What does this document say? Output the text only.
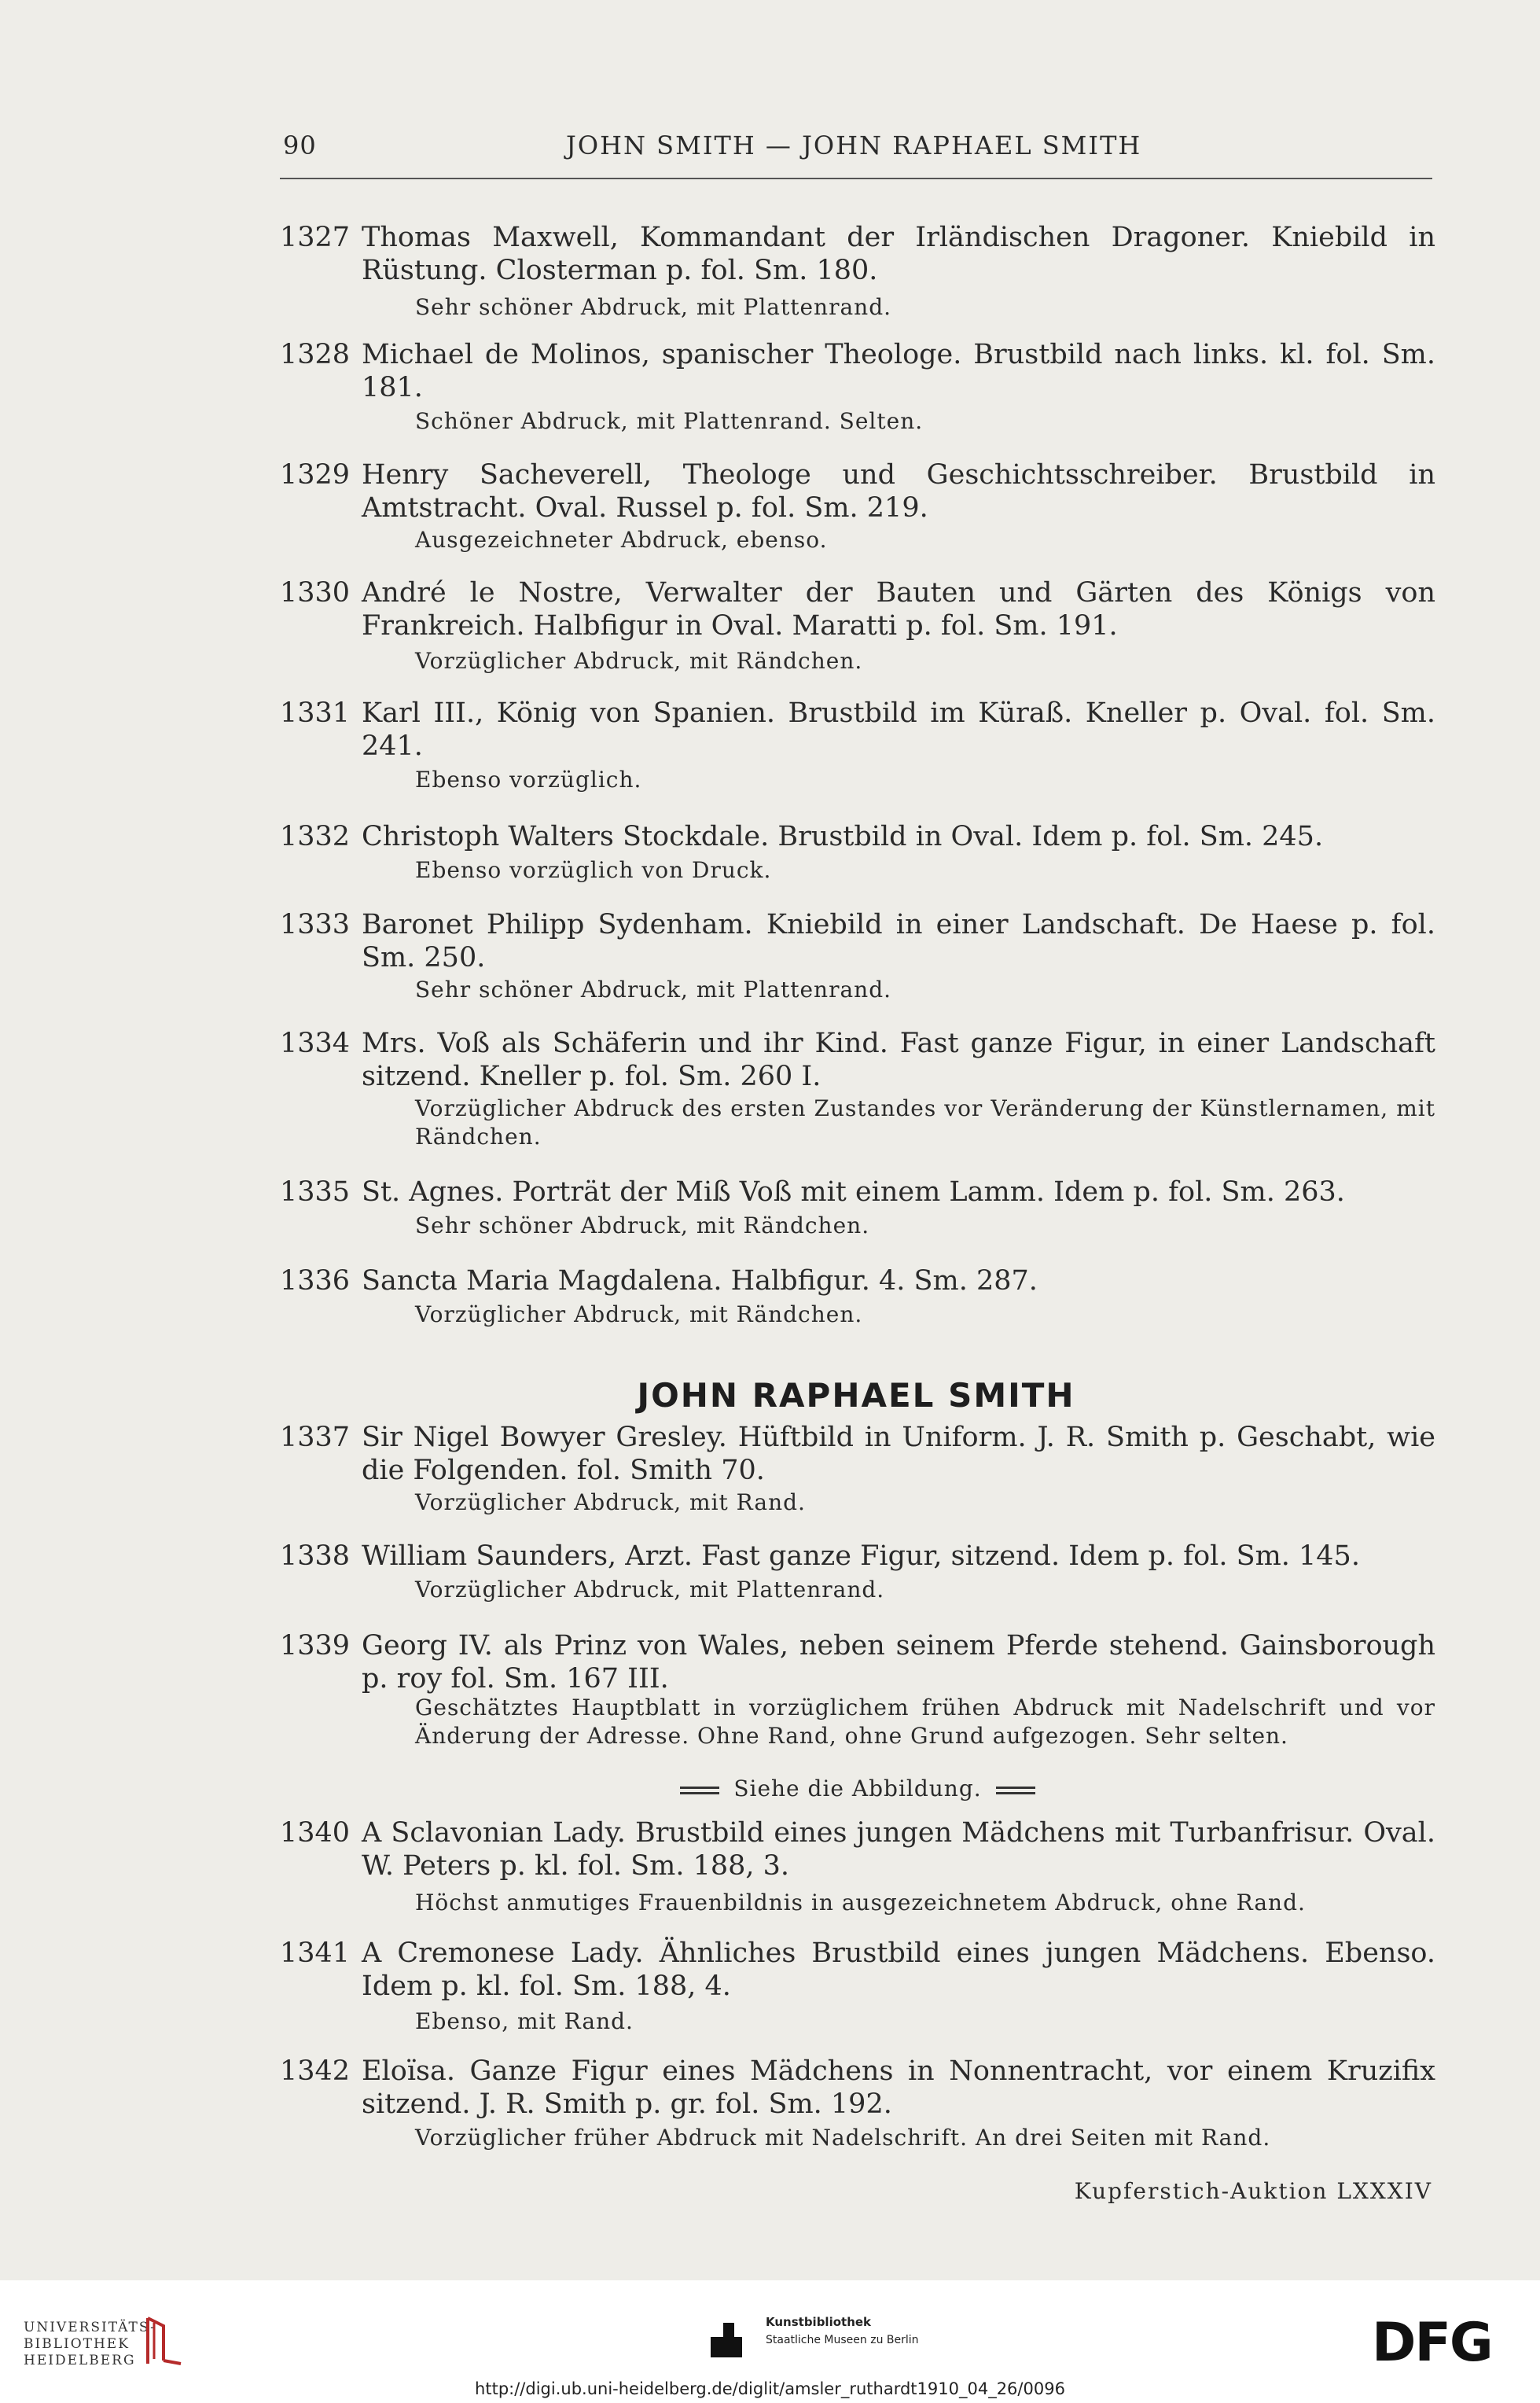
90	JOHN SMITH — JOHN RAPHAEL SMITH
1327 Thomas Maxwell, Kommandant der Irländischen Dragoner. Kniebild in Rüstung. Closterman p. fol. Sm. 180.
Sehr schöner Abdruck, mit Plattenrand.
1328 Michael de Molinos, spanischer Theologe. Brustbild nach links. kl. fol. Sm. 181.
Schöner Abdruck, mit Plattenrand. Selten.
1329 Henry Sacheverell, Theologe und Geschichtsschreiber. Brustbild in Amtstracht. Oval. Russel p. fol. Sm. 219.
Ausgezeichneter Abdruck, ebenso.
1330 André le Nostre, Verwalter der Bauten und Gärten des Königs von Frankreich. Halbfigur in Oval. Maratti p. fol. Sm. 191.
Vorzüglicher Abdruck, mit Rändchen.
1331 Karl III., König von Spanien. Brustbild im Küraß. Kneller p. Oval. fol. Sm. 241.
Ebenso vorzüglich.
1332 Christoph Walters Stockdale. Brustbild in Oval. Idem p. fol. Sm. 245.
Ebenso vorzüglich von Druck.
1333 Baronet Philipp Sydenham. Kniebild in einer Landschaft. De Haese p. fol. Sm. 250.
Sehr schöner Abdruck, mit Plattenrand.
1334 Mrs. Voß als Schäferin und ihr Kind. Fast ganze Figur, in einer Landschaft sitzend. Kneller p. fol. Sm. 260 I.
Vorzüglicher Abdruck des ersten Zustandes vor Veränderung der Künstlernamen, mit Rändchen.
1335 St. Agnes. Porträt der Miß Voß mit einem Lamm. Idem p. fol. Sm. 263.
Sehr schöner Abdruck, mit Rändchen.
1336 Sancta Maria Magdalena. Halbfigur. 4. Sm. 287.
Vorzüglicher Abdruck, mit Rändchen.
JOHN RAPHAEL SMITH
1337 Sir Nigel Bowyer Gresley. Hüftbild in Uniform. J. R. Smith p. Geschabt, wie die Folgenden. fol. Smith 70.
Vorzüglicher Abdruck, mit Rand.
1338 William Saunders, Arzt. Fast ganze Figur, sitzend. Idem p. fol. Sm. 145.
Vorzüglicher Abdruck, mit Plattenrand.
1339 Georg IV. als Prinz von Wales, neben seinem Pferde stehend. Gainsborough p. roy fol. Sm. 167 III.
Geschätztes Hauptblatt in vorzüglichem frühen Abdruck mit Nadelschrift und vor Änderung der Adresse. Ohne Rand, ohne Grund aufgezogen. Sehr selten.
Siehe die Abbildung.
1340 A Sclavonian Lady. Brustbild eines jungen Mädchens mit Turbanfrisur. Oval. W. Peters p. kl. fol. Sm. 188, 3.
Höchst anmutiges Frauenbildnis in ausgezeichnetem Abdruck, ohne Rand.
1341 A Cremonese Lady. Ähnliches Brustbild eines jungen Mädchens. Ebenso. Idem p. kl. fol. Sm. 188, 4.
Ebenso, mit Rand.
1342 Eloïsa. Ganze Figur eines Mädchens in Nonnentracht, vor einem Kruzifix sitzend. J. R. Smith p. gr. fol. Sm. 192.
Vorzüglicher früher Abdruck mit Nadelschrift. An drei Seiten mit Rand.
Kupferstich-Auktion LXXXIV
UNIVERSITÄTS-
BIBLIOTHEK
HEIDELBERG
Kunstbibliothek
Staatliche Museen zu Berlin	DFG
http://digi.ub.uni-heidelberg.de/diglit/amsler_ruthardt1910_04_26/0096
